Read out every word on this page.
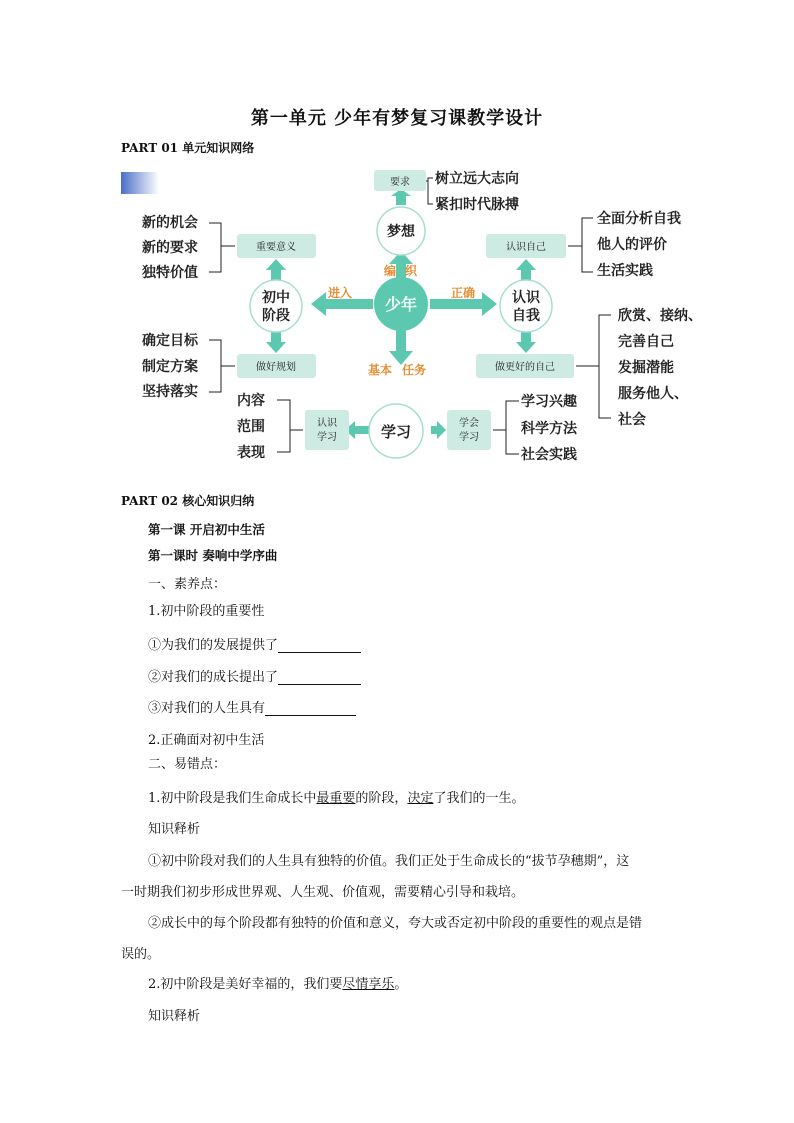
第一单元 少年有梦复习课教学设计
PART 01 单元知识网络
少年
梦想
学习
初中
阶段
认识
自我
要求 树立远大志向
紧扣时代脉搏
重要意义
新的机会
新的要求
独特价值
做好规划
确定目标
制定方案
坚持落实
认识自己
全面分析自我
他人的评价
生活实践
做更好的自己
欣赏、接纳、
完善自己
发掘潜能
服务他人、
社会
认识
学习
内容
范围
表现
学会
学习
学习兴趣
科学方法
社会实践
编 织
进入	正确
基本 任务
PART 02 核心知识归纳
第一课 开启初中生活
第一课时 奏响中学序曲
一、素养点：
1.初中阶段的重要性
①为我们的发展提供了
②对我们的成长提出了
③对我们的人生具有
2.正确面对初中生活
二、易错点：
1.初中阶段是我们生命成长中最重要的阶段，决定了我们的一生。
知识释析
①初中阶段对我们的人生具有独特的价值。我们正处于生命成长的“拔节孕穗期”，这
一时期我们初步形成世界观、人生观、价值观，需要精心引导和栽培。
②成长中的每个阶段都有独特的价值和意义，夸大或否定初中阶段的重要性的观点是错
误的。
2.初中阶段是美好幸福的，我们要尽情享乐。
知识释析
